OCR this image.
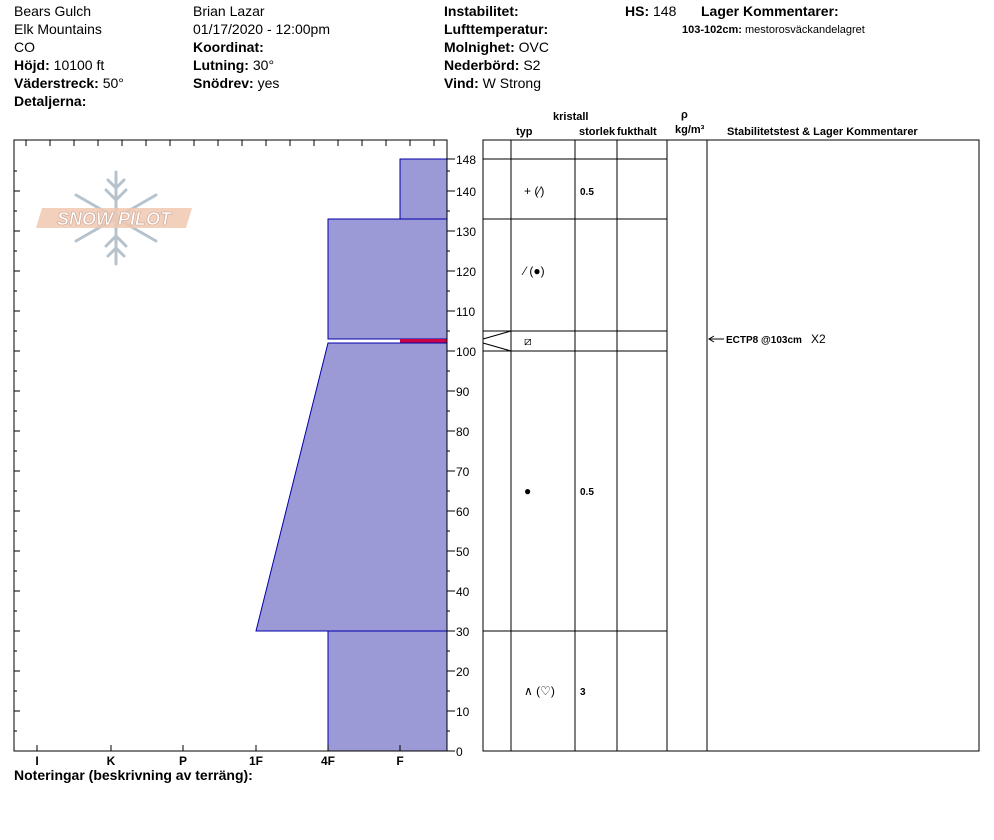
Bears Gulch
Elk Mountains
CO
Höjd: 10100 ft
Väderstreck: 50°
Detaljerna:
Brian Lazar
01/17/2020 - 12:00pm
Koordinat:
Lutning: 30°
Snödrev: yes
Instabilitet:
Lufttemperatur:
Molnighet: OVC
Nederbörd: S2
Vind: W Strong
HS: 148 Lager Kommentarer:
103-102cm: mestorosväckandelagret
kristall
typ	storlek fukthalt
ρ
kg/m³ Stabilitetstest & Lager Kommentarer
SNOW PILOT
I	K	P	1F	4F	F
0
10
20
30
40
50
60
70
80
90
100
110
120
130
140
148
+ (⁄)	0.5
⁄ (●)
⧄
●	0.5
∧ (♡)	3
ECTP8 @103cm X2
Noteringar (beskrivning av terräng):
